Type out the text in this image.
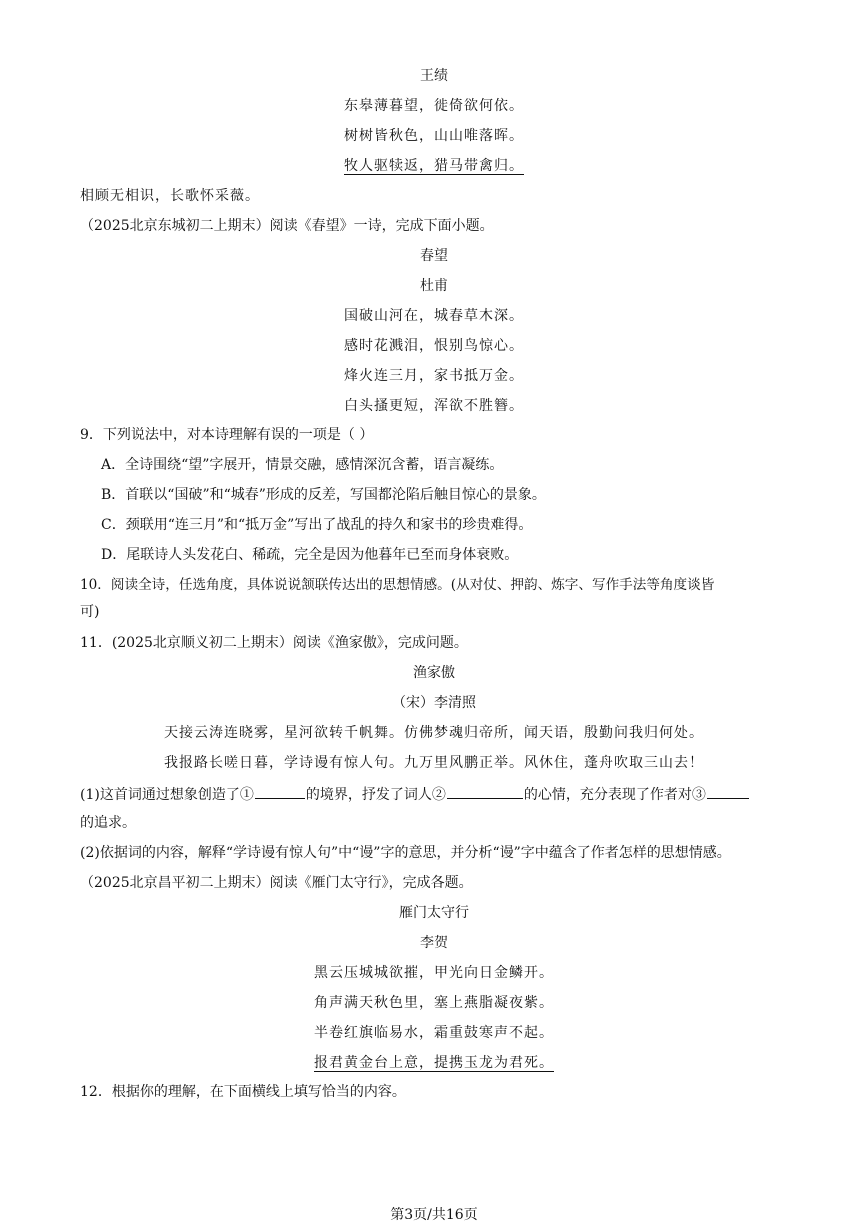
王绩
东皋薄暮望，徙倚欲何依。
树树皆秋色，山山唯落晖。
牧人驱犊返，猎马带禽归。
相顾无相识，长歌怀采薇。
（2025北京东城初二上期末）阅读《春望》一诗，完成下面小题。
春望
杜甫
国破山河在，城春草木深。
感时花溅泪，恨别鸟惊心。
烽火连三月，家书抵万金。
白头搔更短，浑欲不胜簪。
9．下列说法中，对本诗理解有误的一项是（ ）
A．全诗围绕“望”字展开，情景交融，感情深沉含蓄，语言凝练。
B．首联以“国破”和“城春”形成的反差，写国都沦陷后触目惊心的景象。
C．颈联用“连三月”和“抵万金”写出了战乱的持久和家书的珍贵难得。
D．尾联诗人头发花白、稀疏，完全是因为他暮年已至而身体衰败。
10．阅读全诗，任选角度，具体说说颔联传达出的思想情感。(从对仗、押韵、炼字、写作手法等角度谈皆
可)
11．(2025北京顺义初二上期末）阅读《渔家傲》，完成问题。
渔家傲
（宋）李清照
天接云涛连晓雾，星河欲转千帆舞。仿佛梦魂归帝所，闻天语，殷勤问我归何处。
我报路长嗟日暮，学诗谩有惊人句。九万里风鹏正举。风休住，蓬舟吹取三山去！
(1)这首词通过想象创造了①	的境界，抒发了词人②	的心情，充分表现了作者对③
的追求。
(2)依据词的内容，解释“学诗谩有惊人句”中“谩”字的意思，并分析“谩”字中蕴含了作者怎样的思想情感。
（2025北京昌平初二上期末）阅读《雁门太守行》，完成各题。
雁门太守行
李贺
黑云压城城欲摧，甲光向日金鳞开。
角声满天秋色里，塞上燕脂凝夜紫。
半卷红旗临易水，霜重鼓寒声不起。
报君黄金台上意，提携玉龙为君死。
12．根据你的理解，在下面横线上填写恰当的内容。
第3页/共16页
